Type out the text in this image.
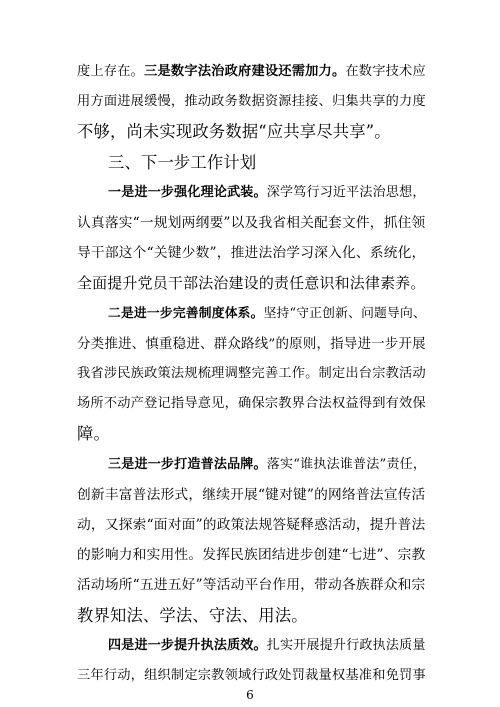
度上存在。三是数字法治政府建设还需加力。在数字技术应
用方面进展缓慢，推动政务数据资源挂接、归集共享的力度
不够，尚未实现政务数据“应共享尽共享”。
三、下一步工作计划
一是进一步强化理论武装。深学笃行习近平法治思想，
认真落实“一规划两纲要”以及我省相关配套文件，抓住领
导干部这个“关键少数”，推进法治学习深入化、系统化，
全面提升党员干部法治建设的责任意识和法律素养。
二是进一步完善制度体系。坚持“守正创新、问题导向、
分类推进、慎重稳进、群众路线”的原则，指导进一步开展
我省涉民族政策法规梳理调整完善工作。制定出台宗教活动
场所不动产登记指导意见，确保宗教界合法权益得到有效保
障。
三是进一步打造普法品牌。落实“谁执法谁普法”责任，
创新丰富普法形式，继续开展“键对键”的网络普法宣传活
动，又探索“面对面”的政策法规答疑释惑活动，提升普法
的影响力和实用性。发挥民族团结进步创建“七进”、宗教
活动场所“五进五好”等活动平台作用，带动各族群众和宗
教界知法、学法、守法、用法。
四是进一步提升执法质效。扎实开展提升行政执法质量
三年行动，组织制定宗教领域行政处罚裁量权基准和免罚事
6
